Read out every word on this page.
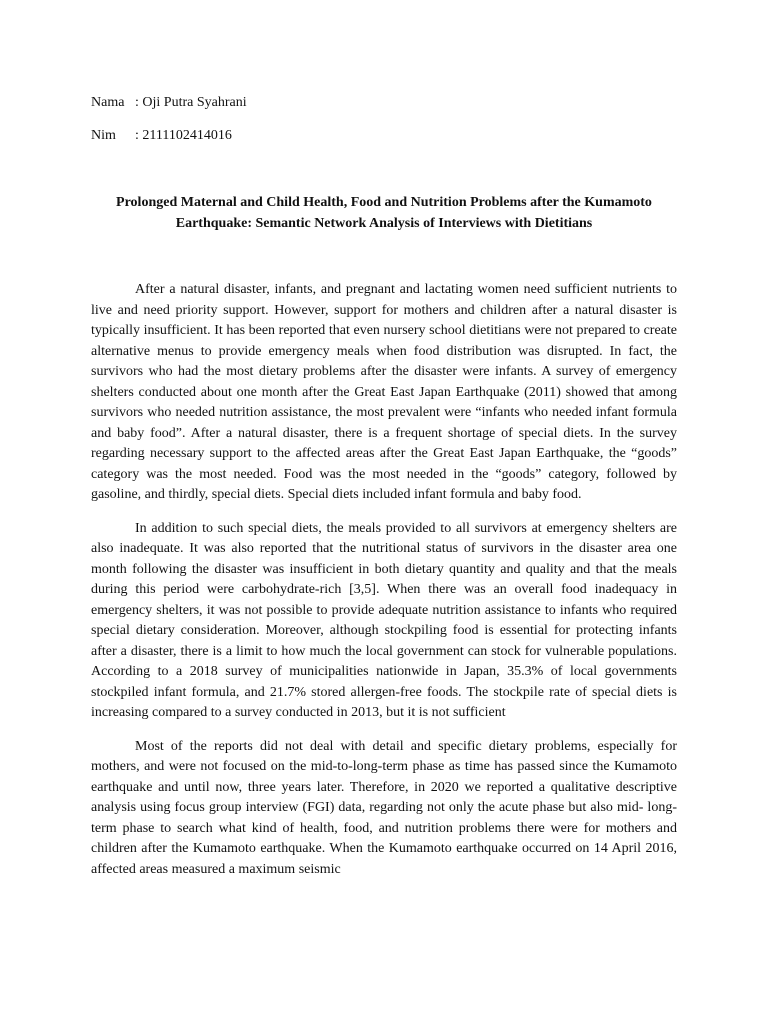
Nama : Oji Putra Syahrani
Nim : 2111102414016
Prolonged Maternal and Child Health, Food and Nutrition Problems after the Kumamoto Earthquake: Semantic Network Analysis of Interviews with Dietitians

After a natural disaster, infants, and pregnant and lactating women need sufficient nutrients to live and need priority support. However, support for mothers and children after a natural disaster is typically insufficient. It has been reported that even nursery school dietitians were not prepared to create alternative menus to provide emergency meals when food distribution was disrupted. In fact, the survivors who had the most dietary problems after the disaster were infants. A survey of emergency shelters conducted about one month after the Great East Japan Earthquake (2011) showed that among survivors who needed nutrition assistance, the most prevalent were “infants who needed infant formula and baby food”. After a natural disaster, there is a frequent shortage of special diets. In the survey regarding necessary support to the affected areas after the Great East Japan Earthquake, the “goods” category was the most needed. Food was the most needed in the “goods” category, followed by gasoline, and thirdly, special diets. Special diets included infant formula and baby food.

In addition to such special diets, the meals provided to all survivors at emergency shelters are also inadequate. It was also reported that the nutritional status of survivors in the disaster area one month following the disaster was insufficient in both dietary quantity and quality and that the meals during this period were carbohydrate-rich [3,5]. When there was an overall food inadequacy in emergency shelters, it was not possible to provide adequate nutrition assistance to infants who required special dietary consideration. Moreover, although stockpiling food is essential for protecting infants after a disaster, there is a limit to how much the local government can stock for vulnerable populations. According to a 2018 survey of municipalities nationwide in Japan, 35.3% of local governments stockpiled infant formula, and 21.7% stored allergen-free foods. The stockpile rate of special diets is increasing compared to a survey conducted in 2013, but it is not sufficient

Most of the reports did not deal with detail and specific dietary problems, especially for mothers, and were not focused on the mid-to-long-term phase as time has passed since the Kumamoto earthquake and until now, three years later. Therefore, in 2020 we reported a qualitative descriptive analysis using focus group interview (FGI) data, regarding not only the acute phase but also mid- long-term phase to search what kind of health, food, and nutrition problems there were for mothers and children after the Kumamoto earthquake. When the Kumamoto earthquake occurred on 14 April 2016, affected areas measured a maximum seismic
